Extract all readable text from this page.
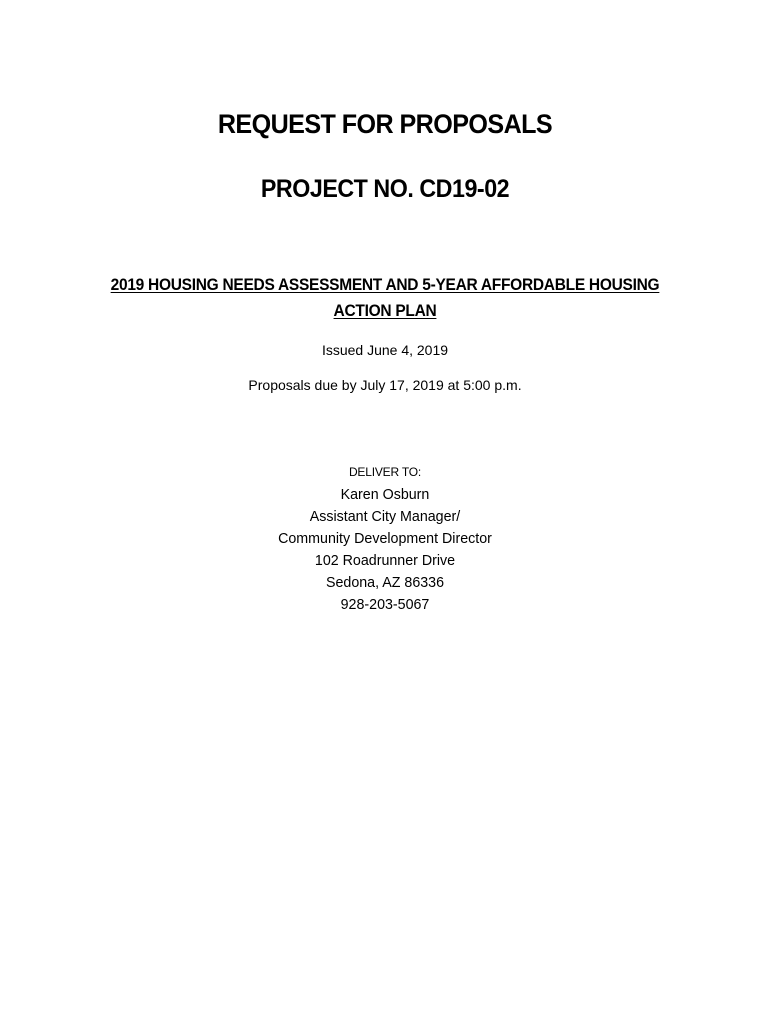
REQUEST FOR PROPOSALS
PROJECT NO. CD19-02
2019 HOUSING NEEDS ASSESSMENT AND 5-YEAR AFFORDABLE HOUSING
ACTION PLAN
Issued June 4, 2019
Proposals due by July 17, 2019 at 5:00 p.m.
DELIVER TO:
Karen Osburn
Assistant City Manager/
Community Development Director
102 Roadrunner Drive
Sedona, AZ 86336
928-203-5067
